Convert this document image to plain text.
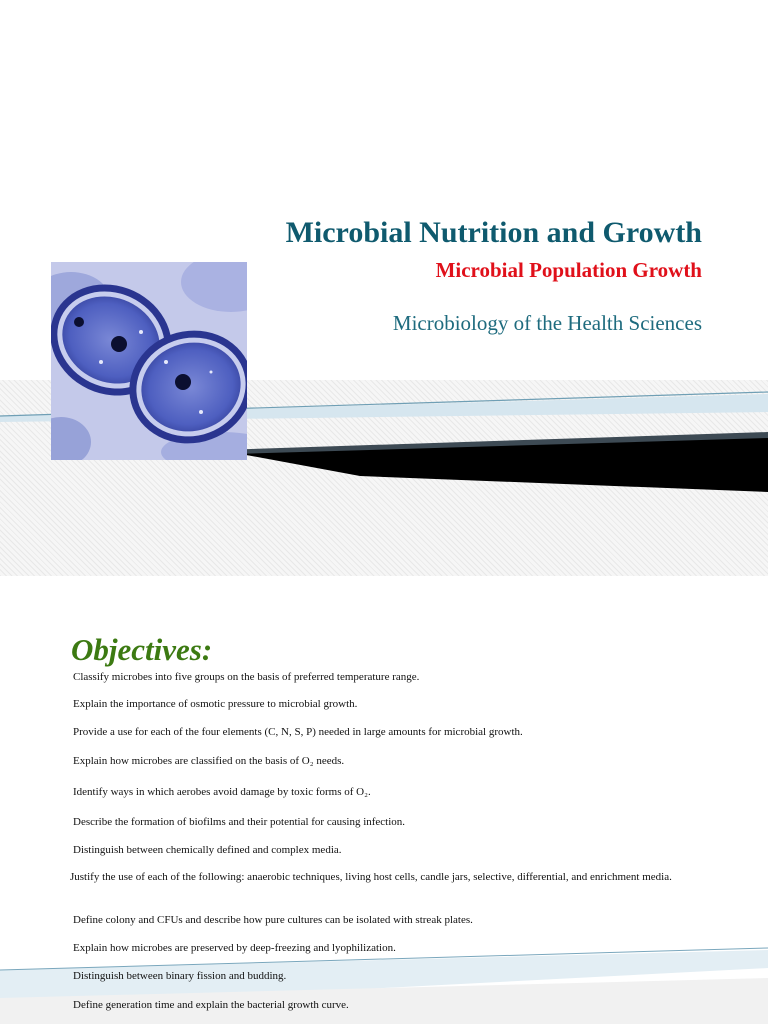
Microbial Nutrition and Growth
Microbial Population Growth
Microbiology of the Health Sciences
Objectives:
Classify microbes into five groups on the basis of preferred temperature range.
Explain the importance of osmotic pressure to microbial growth.
Provide a use for each of the four elements (C, N, S, P) needed in large amounts for microbial growth.
Explain how microbes are classified on the basis of O₂ needs.
Identify ways in which aerobes avoid damage by toxic forms of O₂.
Describe the formation of biofilms and their potential for causing infection.
Distinguish between chemically defined and complex media.
Justify the use of each of the following: anaerobic techniques, living host cells, candle jars, selective, differential, and enrichment media.
Define colony and CFUs and describe how pure cultures can be isolated with streak plates.
Explain how microbes are preserved by deep-freezing and lyophilization.
Distinguish between binary fission and budding.
Define generation time and explain the bacterial growth curve.
